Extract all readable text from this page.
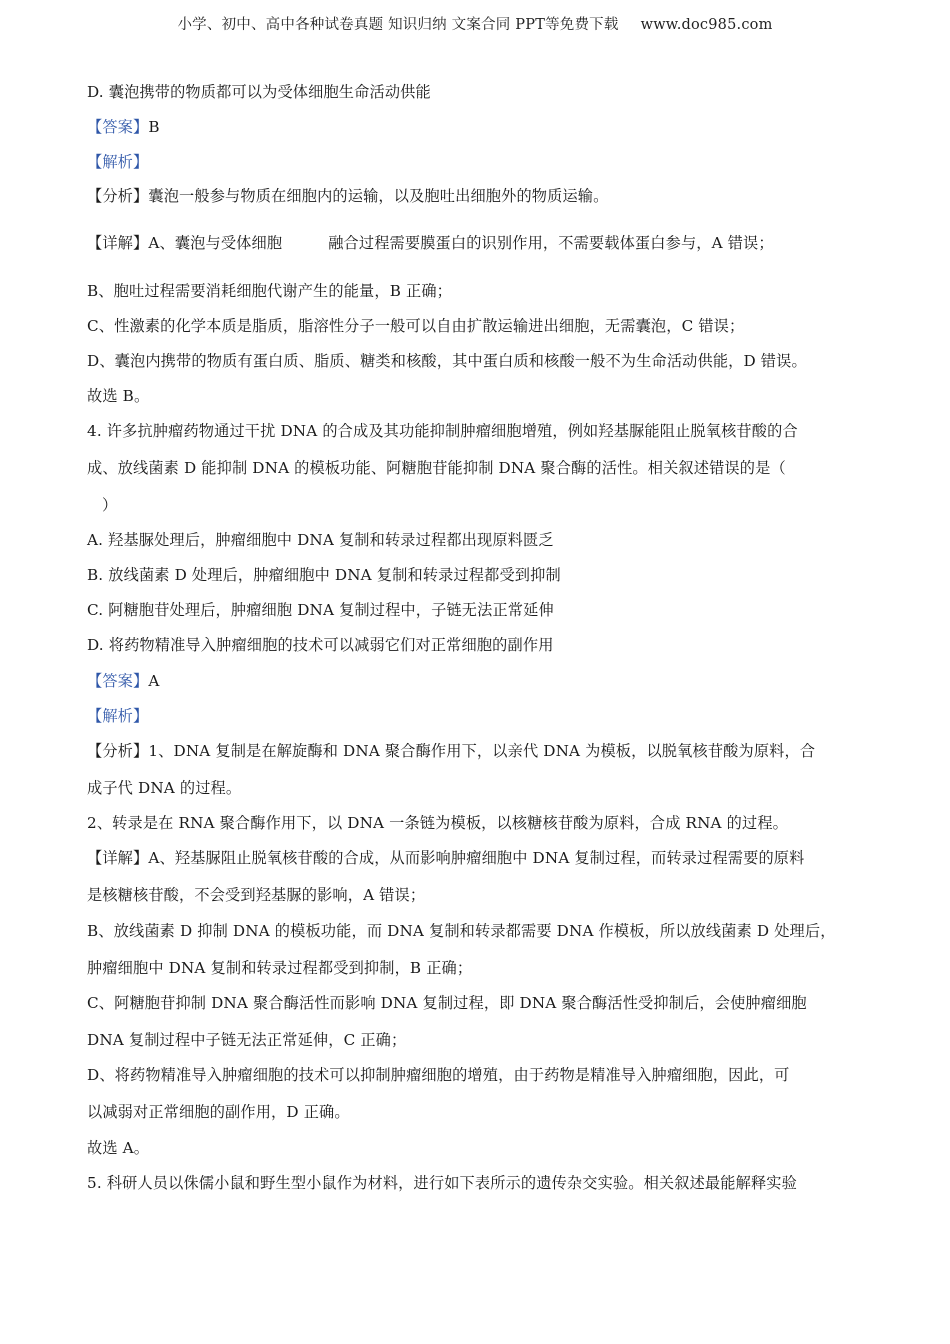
小学、初中、高中各种试卷真题 知识归纳 文案合同 PPT等免费下载 www.doc985.com
D. 囊泡携带的物质都可以为受体细胞生命活动供能
【答案】B
【解析】
【分析】囊泡一般参与物质在细胞内的运输，以及胞吐出细胞外的物质运输。
【详解】A、囊泡与受体细胞	融合过程需要膜蛋白的识别作用，不需要载体蛋白参与，A 错误；
B、胞吐过程需要消耗细胞代谢产生的能量，B 正确；
C、性激素的化学本质是脂质，脂溶性分子一般可以自由扩散运输进出细胞，无需囊泡，C 错误；
D、囊泡内携带的物质有蛋白质、脂质、糖类和核酸，其中蛋白质和核酸一般不为生命活动供能，D 错误。
故选 B。
4. 许多抗肿瘤药物通过干扰 DNA 的合成及其功能抑制肿瘤细胞增殖，例如羟基脲能阻止脱氧核苷酸的合
成、放线菌素 D 能抑制 DNA 的模板功能、阿糖胞苷能抑制 DNA 聚合酶的活性。相关叙述错误的是（
）
A. 羟基脲处理后，肿瘤细胞中 DNA 复制和转录过程都出现原料匮乏
B. 放线菌素 D 处理后，肿瘤细胞中 DNA 复制和转录过程都受到抑制
C. 阿糖胞苷处理后，肿瘤细胞 DNA 复制过程中，子链无法正常延伸
D. 将药物精准导入肿瘤细胞的技术可以减弱它们对正常细胞的副作用
【答案】A
【解析】
【分析】1、DNA 复制是在解旋酶和 DNA 聚合酶作用下，以亲代 DNA 为模板，以脱氧核苷酸为原料，合
成子代 DNA 的过程。
2、转录是在 RNA 聚合酶作用下，以 DNA 一条链为模板，以核糖核苷酸为原料，合成 RNA 的过程。
【详解】A、羟基脲阻止脱氧核苷酸的合成，从而影响肿瘤细胞中 DNA 复制过程，而转录过程需要的原料
是核糖核苷酸，不会受到羟基脲的影响，A 错误；
B、放线菌素 D 抑制 DNA 的模板功能，而 DNA 复制和转录都需要 DNA 作模板，所以放线菌素 D 处理后，
肿瘤细胞中 DNA 复制和转录过程都受到抑制，B 正确；
C、阿糖胞苷抑制 DNA 聚合酶活性而影响 DNA 复制过程，即 DNA 聚合酶活性受抑制后，会使肿瘤细胞
DNA 复制过程中子链无法正常延伸，C 正确；
D、将药物精准导入肿瘤细胞的技术可以抑制肿瘤细胞的增殖，由于药物是精准导入肿瘤细胞，因此，可
以减弱对正常细胞的副作用，D 正确。
故选 A。
5. 科研人员以侏儒小鼠和野生型小鼠作为材料，进行如下表所示的遗传杂交实验。相关叙述最能解释实验
